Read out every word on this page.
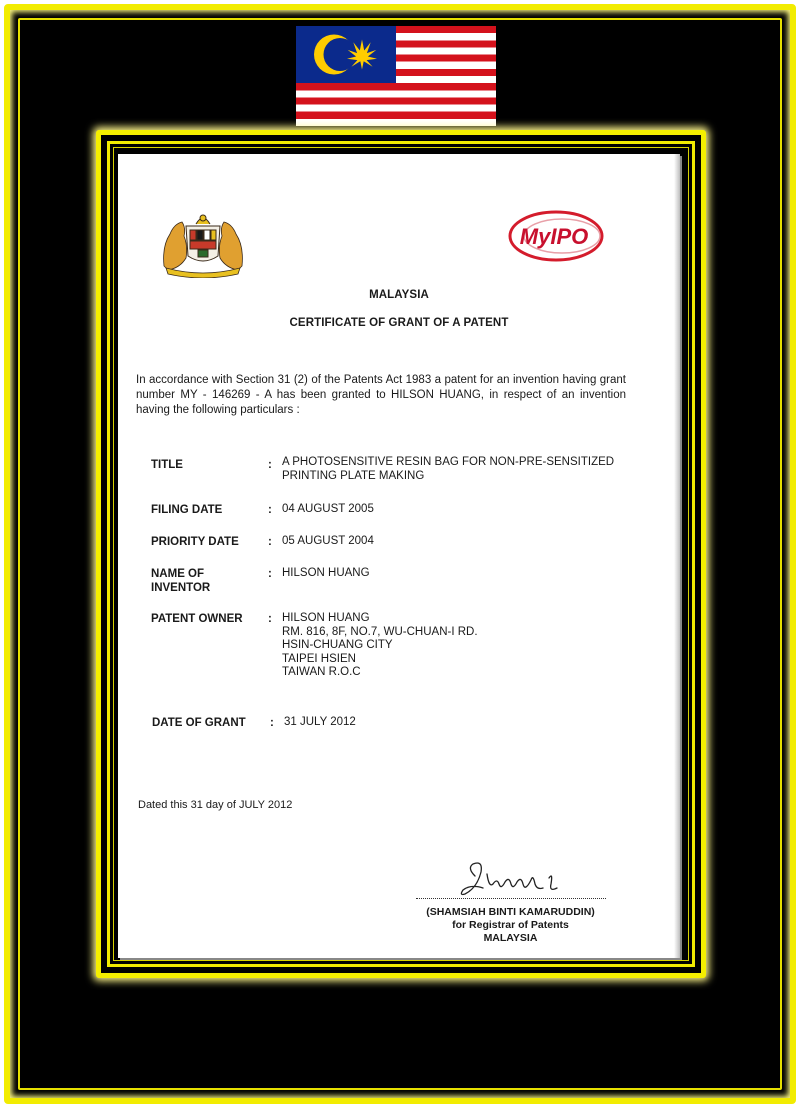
MyIPO
MALAYSIA
CERTIFICATE OF GRANT OF A PATENT
In accordance with Section 31 (2) of the Patents Act 1983 a patent for an invention having grant number MY - 146269 - A has been granted to HILSON HUANG, in respect of an invention having the following particulars :
TITLE	: A PHOTOSENSITIVE RESIN BAG FOR NON-PRE-SENSITIZED
PRINTING PLATE MAKING
FILING DATE	: 04 AUGUST 2005
PRIORITY DATE	: 05 AUGUST 2004
NAME OF
INVENTOR
: HILSON HUANG
PATENT OWNER	: HILSON HUANG
RM. 816, 8F, NO.7, WU-CHUAN-I RD.
HSIN-CHUANG CITY
TAIPEI HSIEN
TAIWAN R.O.C
DATE OF GRANT	: 31 JULY 2012
Dated this 31 day of JULY 2012
(SHAMSIAH BINTI KAMARUDDIN)
for Registrar of Patents
MALAYSIA
